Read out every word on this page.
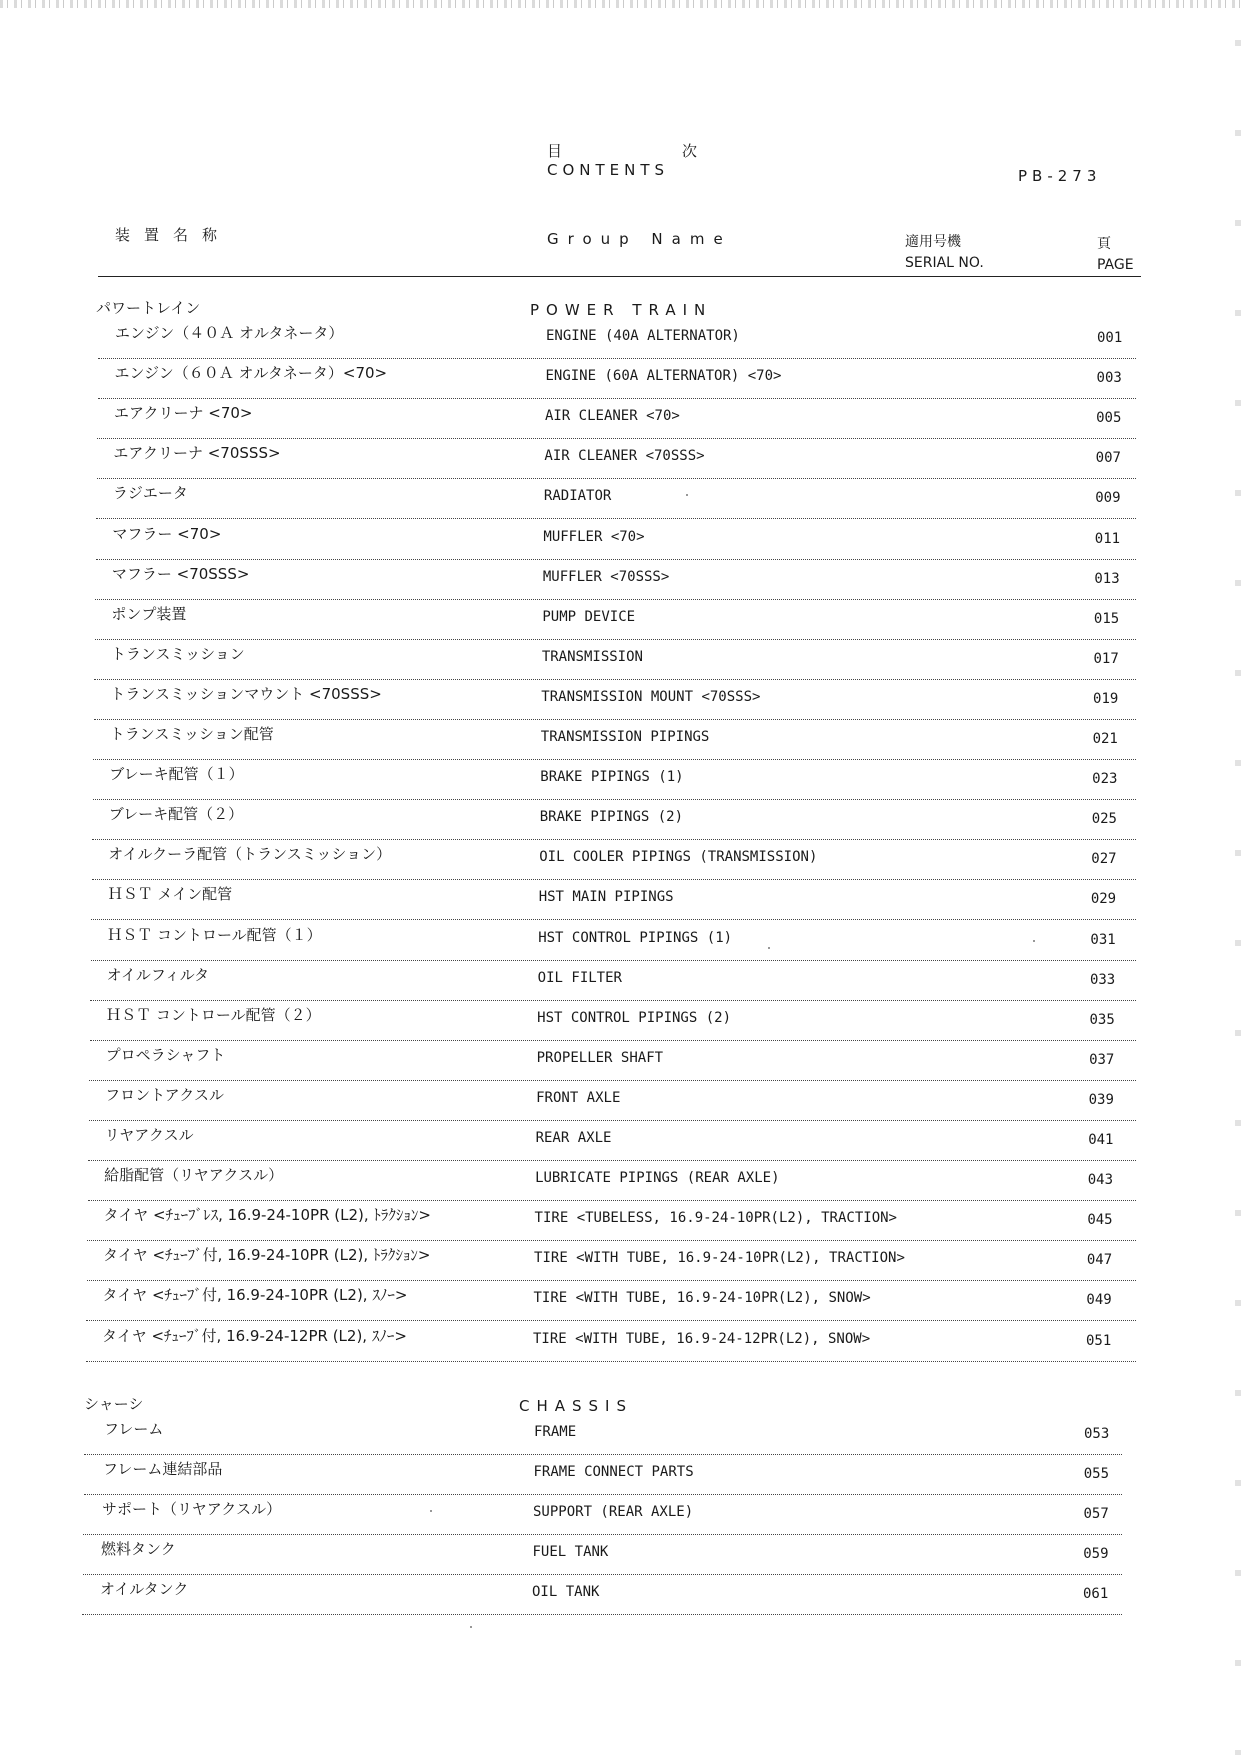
目	次
CONTENTS	PB-273
装置名称	Group Name	適用号機
SERIAL NO.
頁
PAGE
パワートレイン	POWER TRAIN
エンジン（４０Ａ オルタネータ）	ENGINE (40A ALTERNATOR)	001
エンジン（６０Ａ オルタネータ）<70>	ENGINE (60A ALTERNATOR) <70>	003
エアクリーナ <70>	AIR CLEANER <70>	005
エアクリーナ <70SSS>	AIR CLEANER <70SSS>	007
ラジエータ	RADIATOR	009
マフラー <70>	MUFFLER <70>	011
マフラー <70SSS>	MUFFLER <70SSS>	013
ポンプ装置	PUMP DEVICE	015
トランスミッション	TRANSMISSION	017
トランスミッションマウント <70SSS>	TRANSMISSION MOUNT <70SSS>	019
トランスミッション配管	TRANSMISSION PIPINGS	021
ブレーキ配管（１）	BRAKE PIPINGS (1)	023
ブレーキ配管（２）	BRAKE PIPINGS (2)	025
オイルクーラ配管（トランスミッション）	OIL COOLER PIPINGS (TRANSMISSION)	027
ＨＳＴ メイン配管	HST MAIN PIPINGS	029
ＨＳＴ コントロール配管（１）	HST CONTROL PIPINGS (1)	031
オイルフィルタ	OIL FILTER	033
ＨＳＴ コントロール配管（２）	HST CONTROL PIPINGS (2)	035
プロペラシャフト	PROPELLER SHAFT	037
フロントアクスル	FRONT AXLE	039
リヤアクスル	REAR AXLE	041
給脂配管（リヤアクスル）	LUBRICATE PIPINGS (REAR AXLE)	043
タイヤ <ﾁｭｰﾌﾞﾚｽ, 16.9-24-10PR (L2), ﾄﾗｸｼｮﾝ>	TIRE <TUBELESS, 16.9-24-10PR(L2), TRACTION>	045
タイヤ <ﾁｭｰﾌﾞ付, 16.9-24-10PR (L2), ﾄﾗｸｼｮﾝ>	TIRE <WITH TUBE, 16.9-24-10PR(L2), TRACTION>	047
タイヤ <ﾁｭｰﾌﾞ付, 16.9-24-10PR (L2), ｽﾉｰ>	TIRE <WITH TUBE, 16.9-24-10PR(L2), SNOW>	049
タイヤ <ﾁｭｰﾌﾞ付, 16.9-24-12PR (L2), ｽﾉｰ>	TIRE <WITH TUBE, 16.9-24-12PR(L2), SNOW>	051
シャーシ	CHASSIS
フレーム	FRAME	053
フレーム連結部品	FRAME CONNECT PARTS	055
サポート（リヤアクスル）	SUPPORT (REAR AXLE)	057
燃料タンク	FUEL TANK	059
オイルタンク	OIL TANK	061
